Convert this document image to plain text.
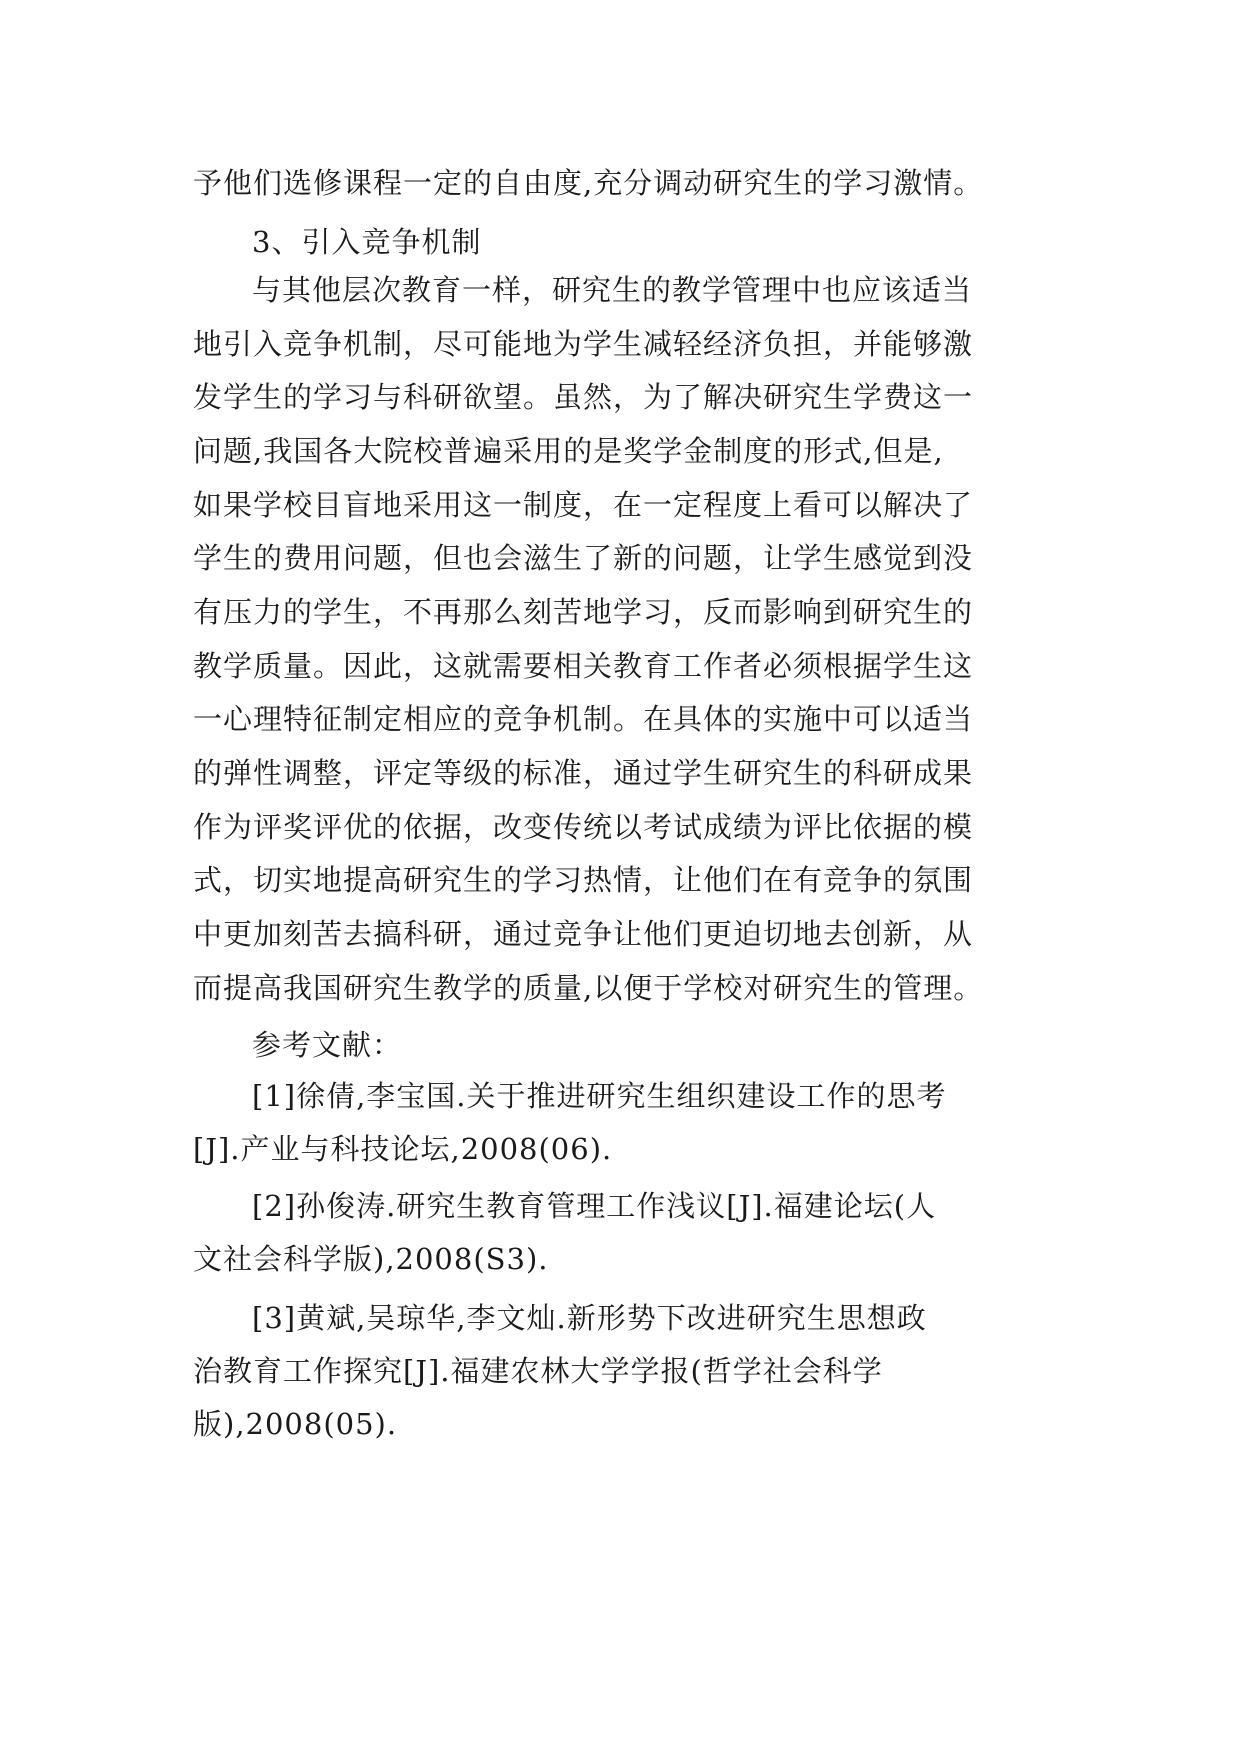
予他们选修课程一定的自由度,充分调动研究生的学习激情。
3、引入竞争机制
与其他层次教育一样，研究生的教学管理中也应该适当
地引入竞争机制，尽可能地为学生减轻经济负担，并能够激
发学生的学习与科研欲望。虽然，为了解决研究生学费这一
问题,我国各大院校普遍采用的是奖学金制度的形式,但是,
如果学校目盲地采用这一制度，在一定程度上看可以解决了
学生的费用问题，但也会滋生了新的问题，让学生感觉到没
有压力的学生，不再那么刻苦地学习，反而影响到研究生的
教学质量。因此，这就需要相关教育工作者必须根据学生这
一心理特征制定相应的竞争机制。在具体的实施中可以适当
的弹性调整，评定等级的标准，通过学生研究生的科研成果
作为评奖评优的依据，改变传统以考试成绩为评比依据的模
式，切实地提高研究生的学习热情，让他们在有竞争的氛围
中更加刻苦去搞科研，通过竞争让他们更迫切地去创新，从
而提高我国研究生教学的质量,以便于学校对研究生的管理。
参考文献：
[1]徐倩,李宝国.关于推进研究生组织建设工作的思考
[J].产业与科技论坛,2008(06).
[2]孙俊涛.研究生教育管理工作浅议[J].福建论坛(人
文社会科学版),2008(S3).
[3]黄斌,吴琼华,李文灿.新形势下改进研究生思想政
治教育工作探究[J].福建农林大学学报(哲学社会科学
版),2008(05).
